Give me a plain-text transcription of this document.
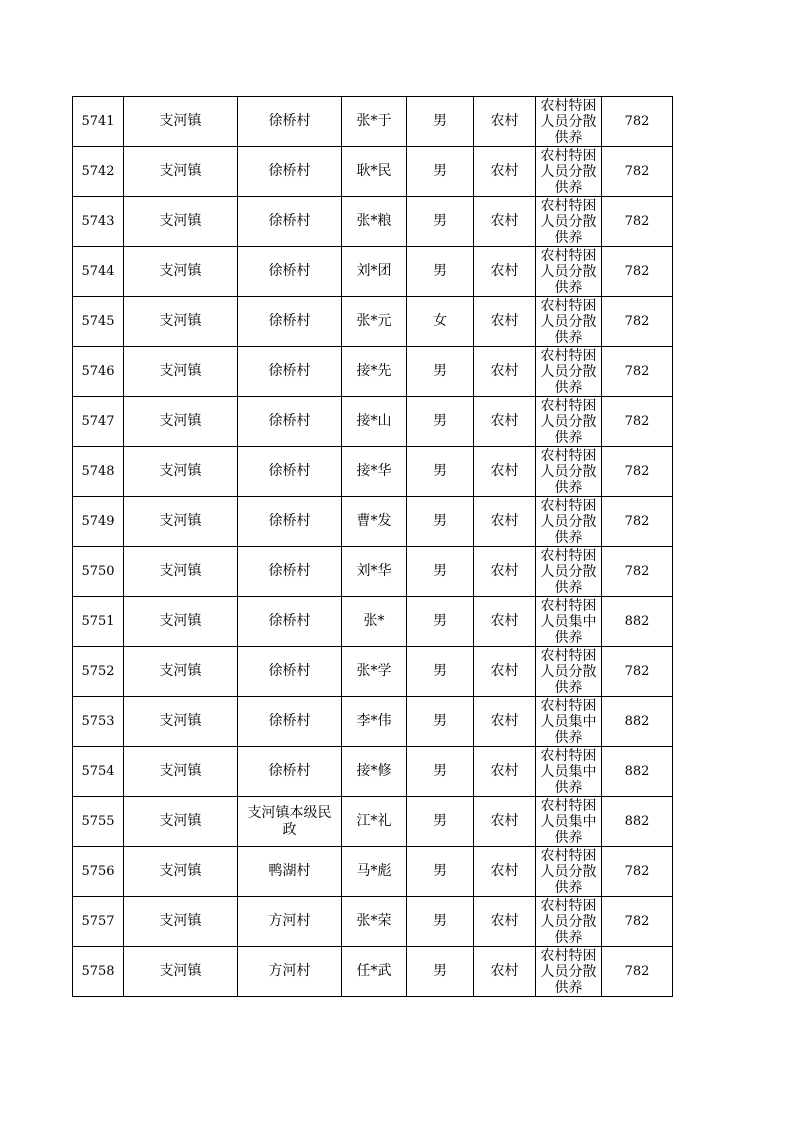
5741	支河镇	徐桥村	张*于	男	农村	农村特困人员分散供养	782
5742	支河镇	徐桥村	耿*民	男	农村	农村特困人员分散供养	782
5743	支河镇	徐桥村	张*粮	男	农村	农村特困人员分散供养	782
5744	支河镇	徐桥村	刘*团	男	农村	农村特困人员分散供养	782
5745	支河镇	徐桥村	张*元	女	农村	农村特困人员分散供养	782
5746	支河镇	徐桥村	接*先	男	农村	农村特困人员分散供养	782
5747	支河镇	徐桥村	接*山	男	农村	农村特困人员分散供养	782
5748	支河镇	徐桥村	接*华	男	农村	农村特困人员分散供养	782
5749	支河镇	徐桥村	曹*发	男	农村	农村特困人员分散供养	782
5750	支河镇	徐桥村	刘*华	男	农村	农村特困人员分散供养	782
5751	支河镇	徐桥村	张*	男	农村	农村特困人员集中供养	882
5752	支河镇	徐桥村	张*学	男	农村	农村特困人员分散供养	782
5753	支河镇	徐桥村	李*伟	男	农村	农村特困人员集中供养	882
5754	支河镇	徐桥村	接*修	男	农村	农村特困人员集中供养	882
5755	支河镇	支河镇本级民政	江*礼	男	农村	农村特困人员集中供养	882
5756	支河镇	鸭湖村	马*彪	男	农村	农村特困人员分散供养	782
5757	支河镇	方河村	张*荣	男	农村	农村特困人员分散供养	782
5758	支河镇	方河村	任*武	男	农村	农村特困人员分散供养	782
